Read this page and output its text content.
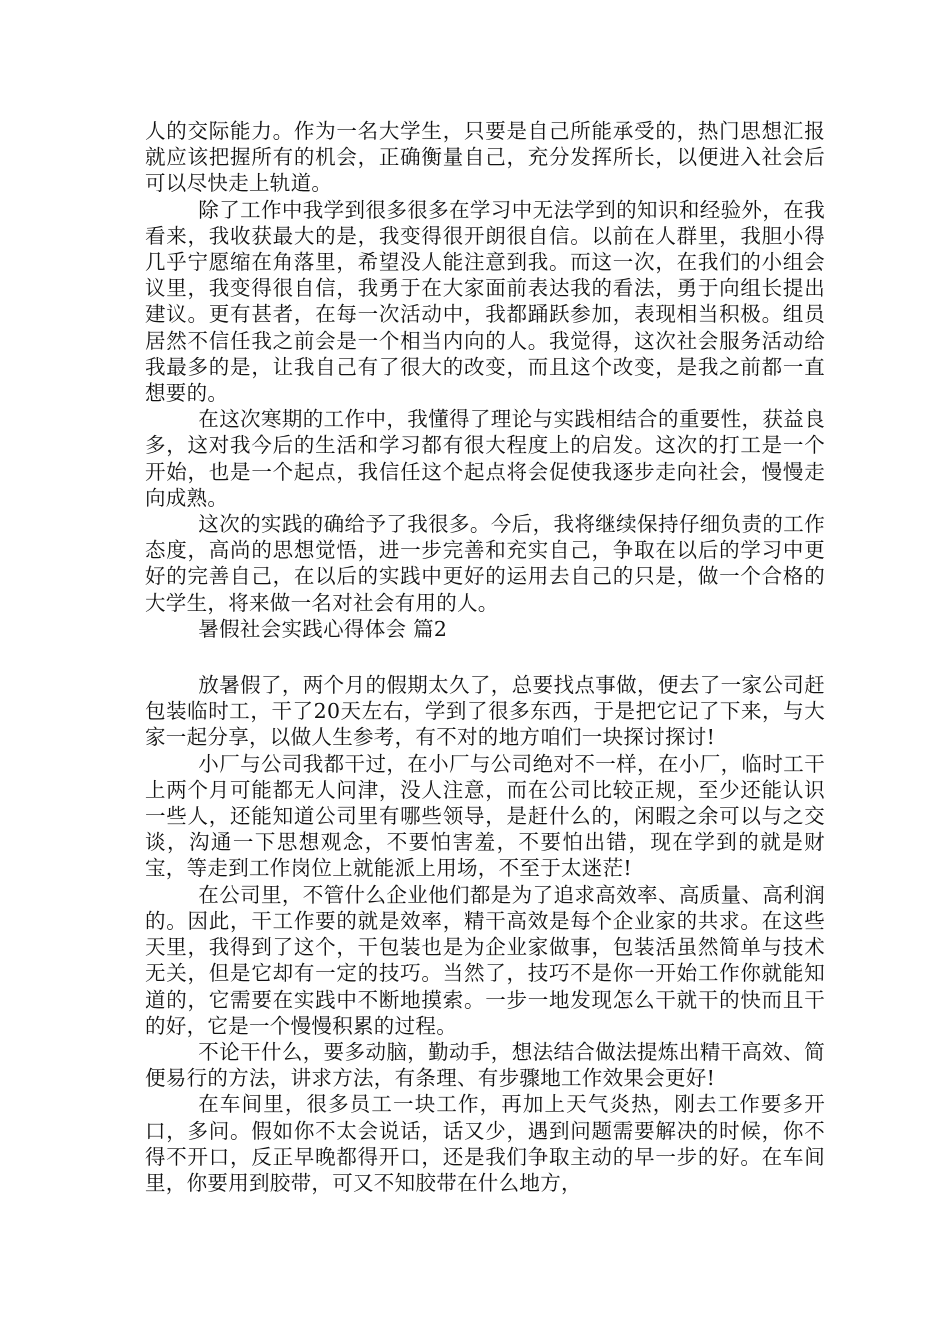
人的交际能力。作为一名大学生，只要是自己所能承受的，热门思想汇报就应该把握所有的机会，正确衡量自己，充分发挥所长，以便进入社会后可以尽快走上轨道。

除了工作中我学到很多很多在学习中无法学到的知识和经验外，在我看来，我收获最大的是，我变得很开朗很自信。以前在人群里，我胆小得几乎宁愿缩在角落里，希望没人能注意到我。而这一次，在我们的小组会议里，我变得很自信，我勇于在大家面前表达我的看法，勇于向组长提出建议。更有甚者，在每一次活动中，我都踊跃参加，表现相当积极。组员居然不信任我之前会是一个相当内向的人。我觉得，这次社会服务活动给我最多的是，让我自己有了很大的改变，而且这个改变，是我之前都一直想要的。

在这次寒期的工作中，我懂得了理论与实践相结合的重要性，获益良多，这对我今后的生活和学习都有很大程度上的启发。这次的打工是一个开始，也是一个起点，我信任这个起点将会促使我逐步走向社会，慢慢走向成熟。

这次的实践的确给予了我很多。今后，我将继续保持仔细负责的工作态度，高尚的思想觉悟，进一步完善和充实自己，争取在以后的学习中更好的完善自己，在以后的实践中更好的运用去自己的只是，做一个合格的大学生，将来做一名对社会有用的人。

暑假社会实践心得体会 篇2

放暑假了，两个月的假期太久了，总要找点事做，便去了一家公司赶包装临时工，干了20天左右，学到了很多东西，于是把它记了下来，与大家一起分享，以做人生参考，有不对的地方咱们一块探讨探讨!

小厂与公司我都干过，在小厂与公司绝对不一样，在小厂，临时工干上两个月可能都无人问津，没人注意，而在公司比较正规，至少还能认识一些人，还能知道公司里有哪些领导，是赶什么的，闲暇之余可以与之交谈，沟通一下思想观念，不要怕害羞，不要怕出错，现在学到的就是财宝，等走到工作岗位上就能派上用场，不至于太迷茫!

在公司里，不管什么企业他们都是为了追求高效率、高质量、高利润的。因此，干工作要的就是效率，精干高效是每个企业家的共求。在这些天里，我得到了这个，干包装也是为企业家做事，包装活虽然简单与技术无关，但是它却有一定的技巧。当然了，技巧不是你一开始工作你就能知道的，它需要在实践中不断地摸索。一步一地发现怎么干就干的快而且干的好，它是一个慢慢积累的过程。

不论干什么，要多动脑，勤动手，想法结合做法提炼出精干高效、简便易行的方法，讲求方法，有条理、有步骤地工作效果会更好!

在车间里，很多员工一块工作，再加上天气炎热，刚去工作要多开口，多问。假如你不太会说话，话又少，遇到问题需要解决的时候，你不得不开口，反正早晚都得开口，还是我们争取主动的早一步的好。在车间里，你要用到胶带，可又不知胶带在什么地方，
